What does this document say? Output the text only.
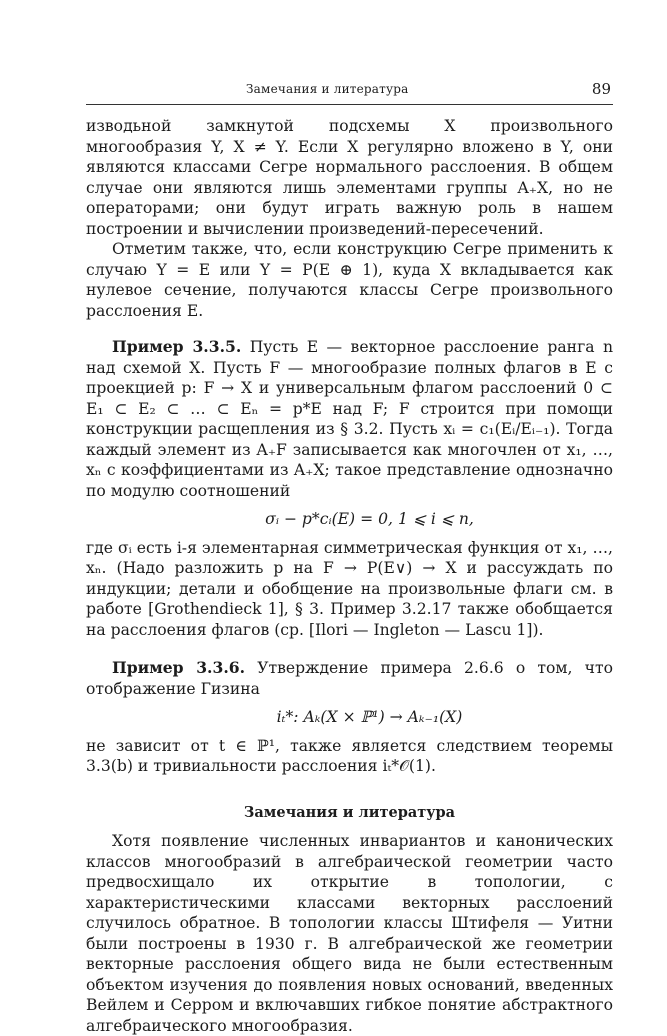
Замечания и литература	89

изводьной замкнутой подсхемы X произвольного многообразия Y, X ≠ Y. Если X регулярно вложено в Y, они являются классами Сегре нормального расслоения. В общем случае они являются лишь элементами группы A₊X, но не операторами; они будут играть важную роль в нашем построении и вычислении произведений-пересечений.

Отметим также, что, если конструкцию Сегре применить к случаю Y = E или Y = P(E ⊕ 1), куда X вкладывается как нулевое сечение, получаются классы Сегре произвольного расслоения E.

Пример 3.3.5. Пусть E — векторное расслоение ранга n над схемой X. Пусть F — многообразие полных флагов в E с проекцией p: F → X и универсальным флагом расслоений 0 ⊂ E₁ ⊂ E₂ ⊂ … ⊂ Eₙ = p*E над F; F строится при помощи конструкции расщепления из § 3.2. Пусть xᵢ = c₁(Eᵢ/Eᵢ₋₁). Тогда каждый элемент из A₊F записывается как многочлен от x₁, …, xₙ с коэффициентами из A₊X; такое представление однозначно по модулю соотношений

σᵢ − p*cᵢ(E) = 0, 1 ⩽ i ⩽ n,

где σᵢ есть i-я элементарная симметрическая функция от x₁, …, xₙ. (Надо разложить p на F → P(E∨) → X и рассуждать по индукции; детали и обобщение на произвольные флаги см. в работе [Grothendieck 1], § 3. Пример 3.2.17 также обобщается на расслоения флагов (ср. [Ilori — Ingleton — Lascu 1]).

Пример 3.3.6. Утверждение примера 2.6.6 о том, что отображение Гизина

iₜ*: Aₖ(X × ℙ¹) → Aₖ₋₁(X)

не зависит от t ∈ ℙ¹, также является следствием теоремы 3.3(b) и тривиальности расслоения iₜ*𝒪(1).

Замечания и литература

Хотя появление численных инвариантов и канонических классов многообразий в алгебраической геометрии часто предвосхищало их открытие в топологии, с характеристическими классами векторных расслоений случилось обратное. В топологии классы Штифеля — Уитни были построены в 1930 г. В алгебраической же геометрии векторные расслоения общего вида не были естественным объектом изучения до появления новых оснований, введенных Вейлем и Серром и включавших гибкое понятие абстрактного алгебраического многообразия.
